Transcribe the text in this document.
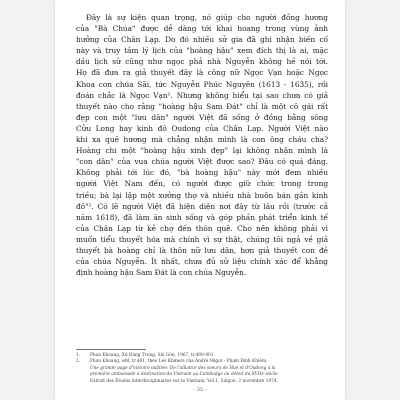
Đây là sự kiện quan trọng, nó giúp cho người đồng hương
của "Bà Chúa" được dễ dàng tới khai hoang trong vùng ảnh
hưởng của Chân Lạp. Do đó nhiều sử gia đã ghi nhận biến cố
này và truy tầm lý lịch của "hoàng hậu" xem đích thị là ai, mặc
dầu lịch sử cũng như ngọc phả nhà Nguyễn không hề nói tới.
Họ đã đưa ra giả thuyết đây là công nữ Ngọc Vạn hoặc Ngọc
Khoa con chúa Sãi, tức Nguyễn Phúc Nguyên (1613 - 1635), rồi
đoán chắc là Ngọc Vạn¹. Nhưng không hiểu tại sao chưa có giả
thuyết nào cho rằng "hoàng hậu Sam Đát" chỉ là một cô gái rất
đẹp con một "lưu dân" người Việt đã sống ở đồng bằng sông
Cửu Long hay kinh đô Oudong của Chân Lạp. Người Việt nào
khi xa quê hương mà chẳng nhận mình là con ông cháu cha?
Hoàng chi một "hoàng hậu xinh đẹp" lại không nhận mình là
"con dân" của vua chúa người Việt được sao? Đâu có quá đáng.
Không phải tới lúc đó, "bà hoàng hậu" này mới đem nhiều
người Việt Nam đến, có người được giữ chức trong trong
triều; bà lại lập một xưởng thợ và nhiều nhà buôn bán gần kinh
đô"². Có lẽ người Việt đã hiện diện nơi đây từ lâu rồi (trước cả
năm 1618), đã làm ăn sinh sống và góp phần phát triển kinh tế
của Chân Lạp từ kẻ chợ đến thôn quê. Cho nên không phải vì
muốn tiểu thuyết hóa mà chính vì sự thật, chúng tôi ngả về giả
thuyết bà hoàng chỉ là thôn nữ lưu dân, hơn giả thuyết con đẻ
của chúa Nguyễn. Ít nhất, chưa đủ sử liệu chính xác để khẳng
định hoàng hậu Sam Đát là con chúa Nguyễn.
1. Phan Khoang, Xứ Đàng Trong, Sài Gòn, 1967, tr.400-401.
2. Phan Khoang, sđd, tr.401, theo Les Khmers của André Migot - Phạm Đình Khiêm,
Une grande page d'histoire oubliée: De l'alliance des soeurs de Hué et d'Oudong à la
première ambassade à destination du Vietnam au Cambodge au début du XVIIè siècle.
Extrait des Études interdisciplinaires sur le Vietnam, Vol.1, Saigon, 2 novembre 1974.
- 35 -
